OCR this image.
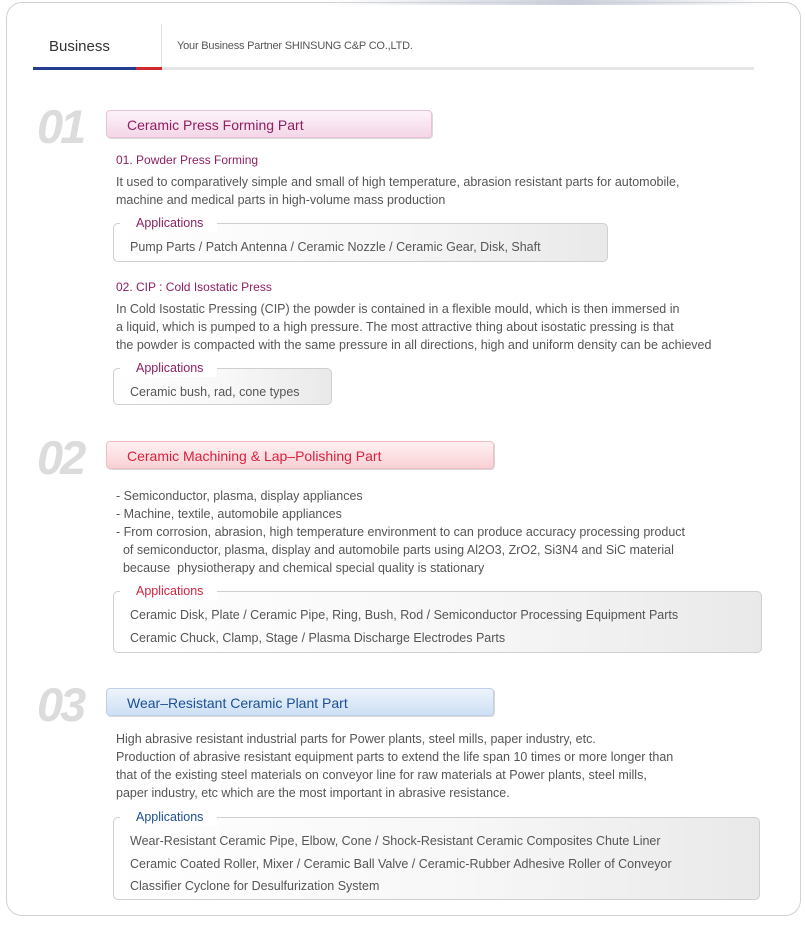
Business	Your Business Partner SHINSUNG C&P CO.,LTD.
01	Ceramic Press Forming Part
01. Powder Press Forming
It used to comparatively simple and small of high temperature, abrasion resistant parts for automobile,
machine and medical parts in high-volume mass production
Pump Parts / Patch Antenna / Ceramic Nozzle / Ceramic Gear, Disk, Shaft
Applications
02. CIP : Cold Isostatic Press
In Cold Isostatic Pressing (CIP) the powder is contained in a flexible mould, which is then immersed in
a liquid, which is pumped to a high pressure. The most attractive thing about isostatic pressing is that
the powder is compacted with the same pressure in all directions, high and uniform density can be achieved
Ceramic bush, rad, cone types
Applications
02	Ceramic Machining & Lap–Polishing Part
- Semiconductor, plasma, display appliances
- Machine, textile, automobile appliances
- From corrosion, abrasion, high temperature environment to can produce accuracy processing product
of semiconductor, plasma, display and automobile parts using Al2O3, ZrO2, Si3N4 and SiC material
because  physiotherapy and chemical special quality is stationary
Ceramic Disk, Plate / Ceramic Pipe, Ring, Bush, Rod / Semiconductor Processing Equipment Parts
Ceramic Chuck, Clamp, Stage / Plasma Discharge Electrodes Parts
Applications
03	Wear–Resistant Ceramic Plant Part
High abrasive resistant industrial parts for Power plants, steel mills, paper industry, etc.
Production of abrasive resistant equipment parts to extend the life span 10 times or more longer than
that of the existing steel materials on conveyor line for raw materials at Power plants, steel mills,
paper industry, etc which are the most important in abrasive resistance.
Wear-Resistant Ceramic Pipe, Elbow, Cone / Shock-Resistant Ceramic Composites Chute Liner
Ceramic Coated Roller, Mixer / Ceramic Ball Valve / Ceramic-Rubber Adhesive Roller of Conveyor
Classifier Cyclone for Desulfurization System
Applications
